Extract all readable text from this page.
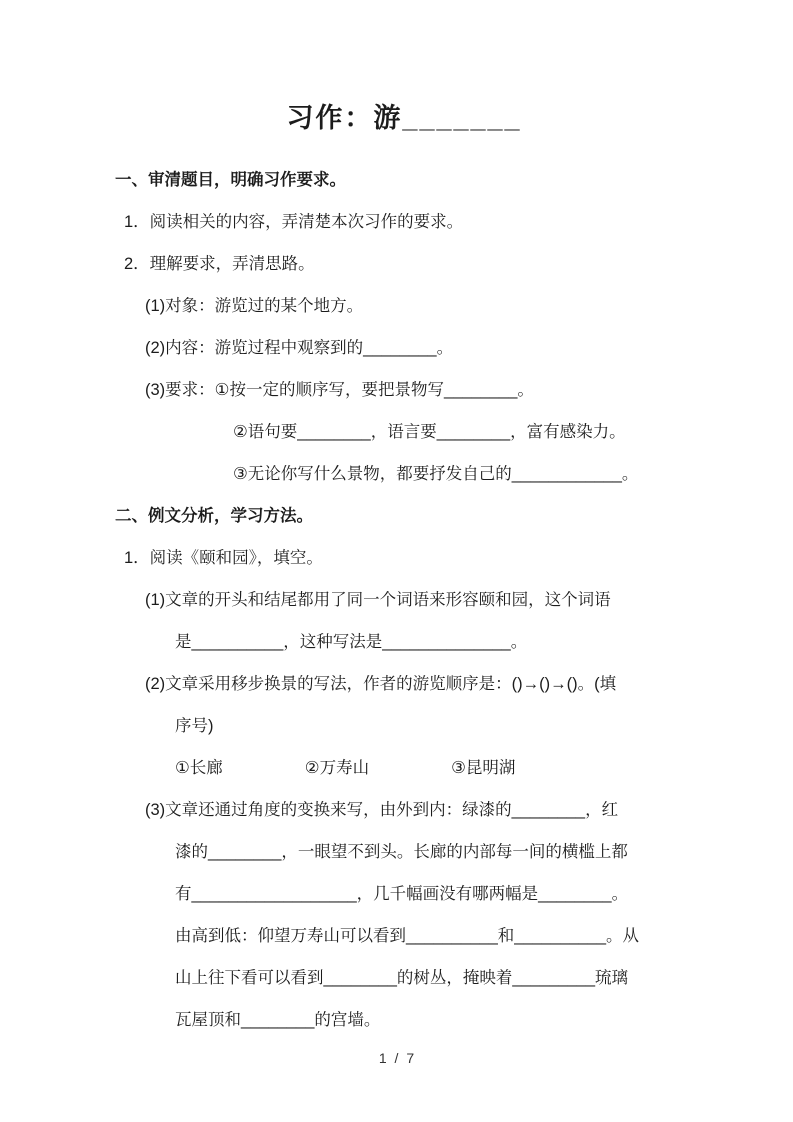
习作：游_______
一、审清题目，明确习作要求。
1．阅读相关的内容，弄清楚本次习作的要求。
2．理解要求，弄清思路。
(1)对象：游览过的某个地方。
(2)内容：游览过程中观察到的________。
(3)要求：①按一定的顺序写，要把景物写________。
②语句要________，语言要________，富有感染力。
③无论你写什么景物，都要抒发自己的____________。
二、例文分析，学习方法。
1．阅读《颐和园》，填空。
(1)文章的开头和结尾都用了同一个词语来形容颐和园，这个词语
是__________，这种写法是______________。
(2)文章采用移步换景的写法，作者的游览顺序是：()→()→()。(填
序号)
①长廊	②万寿山	③昆明湖
(3)文章还通过角度的变换来写，由外到内：绿漆的________，红
漆的________，一眼望不到头。长廊的内部每一间的横槛上都
有__________________，几千幅画没有哪两幅是________。
由高到低：仰望万寿山可以看到__________和__________。从
山上往下看可以看到________的树丛，掩映着_________琉璃
瓦屋顶和________的宫墙。
1 / 7
